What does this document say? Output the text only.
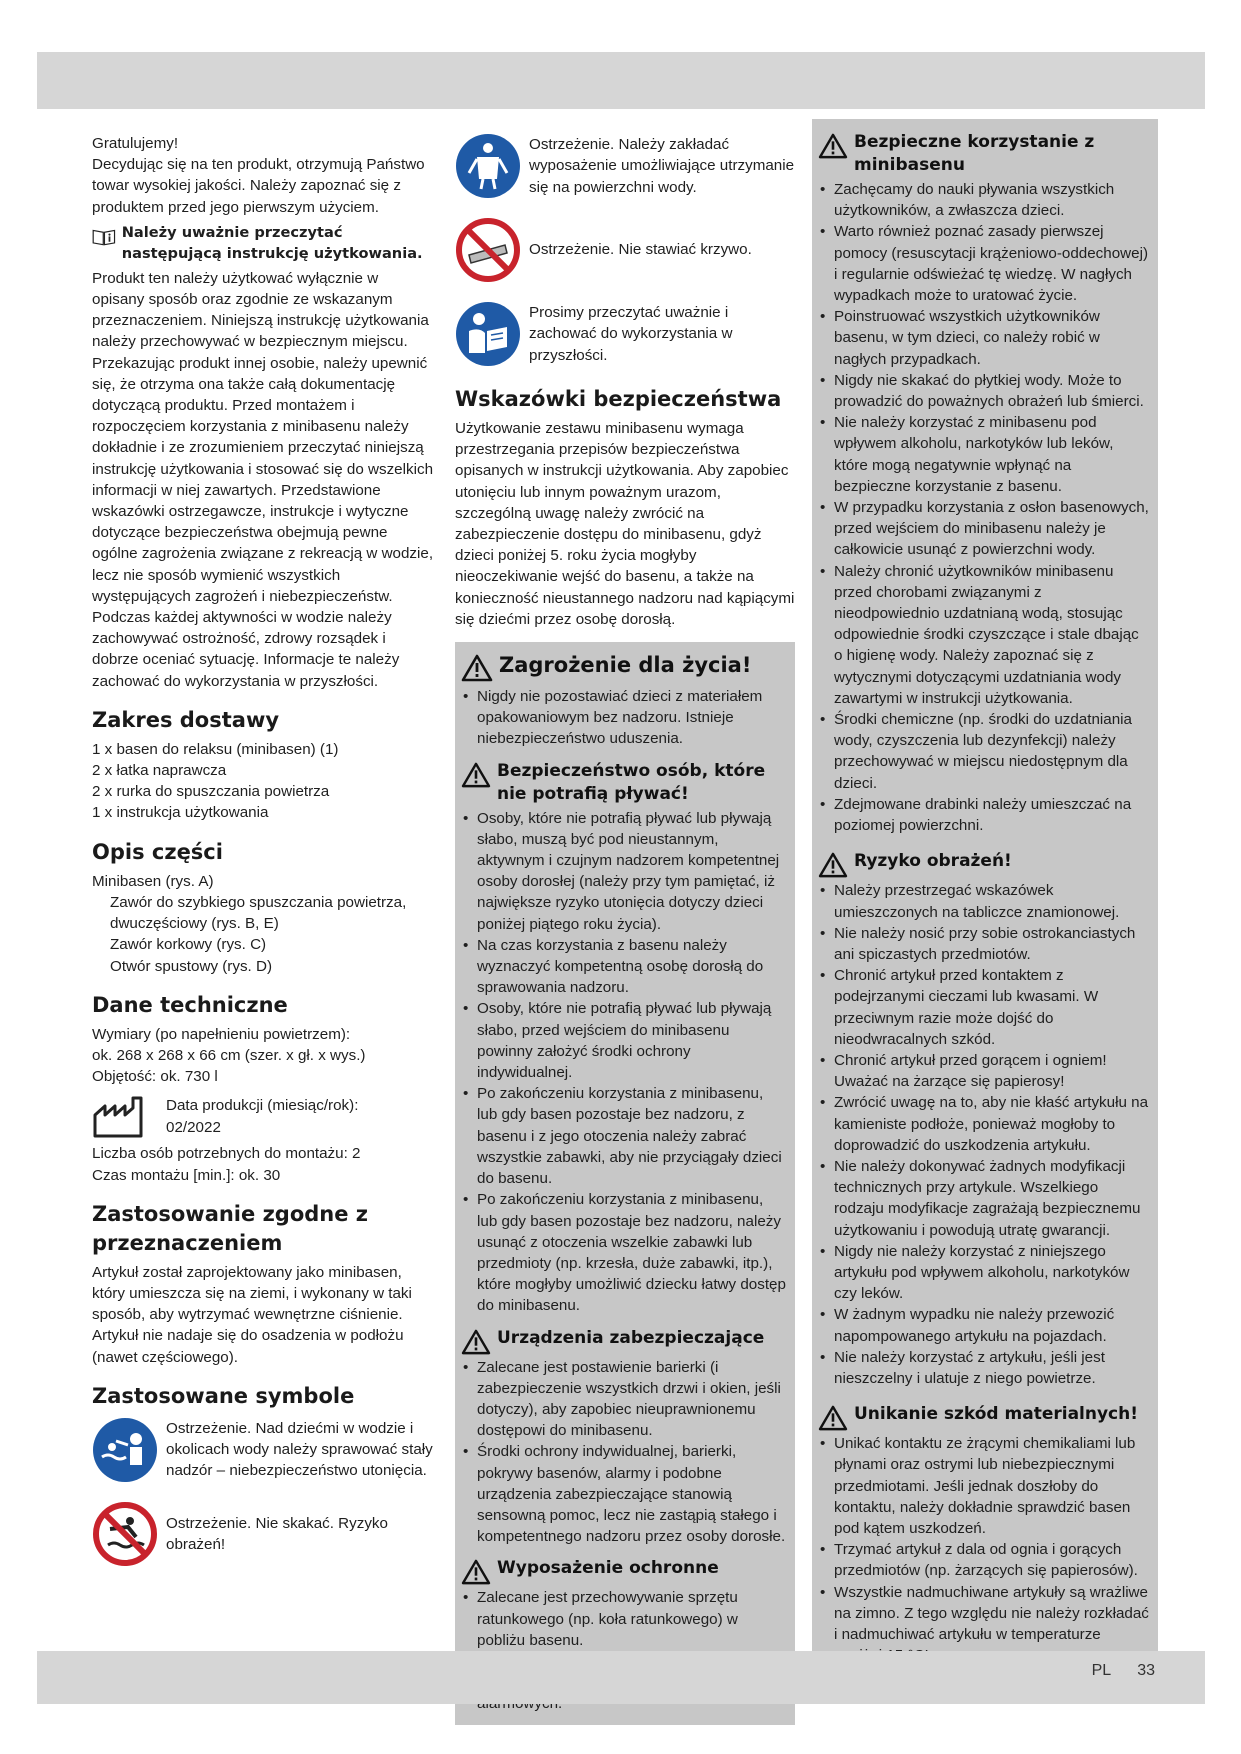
Gratulujemy!

Decydując się na ten produkt, otrzymują Państwo towar wysokiej jakości. Należy zapoznać się z produktem przed jego pierwszym użyciem.

Należy uważnie przeczytać następującą instrukcję użytkowania.

Produkt ten należy użytkować wyłącznie w opisany sposób oraz zgodnie ze wskazanym przeznaczeniem. Niniejszą instrukcję użytkowania należy przechowywać w bezpiecznym miejscu. Przekazując produkt innej osobie, należy upewnić się, że otrzyma ona także całą dokumentację dotyczącą produktu. Przed montażem i rozpoczęciem korzystania z minibasenu należy dokładnie i ze zrozumieniem przeczytać niniejszą instrukcję użytkowania i stosować się do wszelkich informacji w niej zawartych. Przedstawione wskazówki ostrzegawcze, instrukcje i wytyczne dotyczące bezpieczeństwa obejmują pewne ogólne zagrożenia związane z rekreacją w wodzie, lecz nie sposób wymienić wszystkich występujących zagrożeń i niebezpieczeństw. Podczas każdej aktywności w wodzie należy zachowywać ostrożność, zdrowy rozsądek i dobrze oceniać sytuację. Informacje te należy zachować do wykorzystania w przyszłości.

Zakres dostawy

1 x basen do relaksu (minibasen) (1)

2 x łatka naprawcza

2 x rurka do spuszczania powietrza

1 x instrukcja użytkowania

Opis części

Minibasen (rys. A)

Zawór do szybkiego spuszczania powietrza, dwuczęściowy (rys. B, E)

Zawór korkowy (rys. C)

Otwór spustowy (rys. D)

Dane techniczne

Wymiary (po napełnieniu powietrzem):

ok. 268 x 268 x 66 cm (szer. x gł. x wys.)

Objętość: ok. 730 l

Data produkcji (miesiąc/rok):

02/2022

Liczba osób potrzebnych do montażu: 2

Czas montażu [min.]: ok. 30

Zastosowanie zgodne z przeznaczeniem

Artykuł został zaprojektowany jako minibasen, który umieszcza się na ziemi, i wykonany w taki sposób, aby wytrzymać wewnętrzne ciśnienie. Artykuł nie nadaje się do osadzenia w podłożu (nawet częściowego).

Zastosowane symbole

Ostrzeżenie. Nad dziećmi w wodzie i okolicach wody należy sprawować stały nadzór – niebezpieczeństwo utonięcia.

Ostrzeżenie. Nie skakać. Ryzyko obrażeń!

Ostrzeżenie. Należy zakładać wyposażenie umożliwiające utrzymanie się na powierzchni wody.

Ostrzeżenie. Nie stawiać krzywo.

Prosimy przeczytać uważnie i zachować do wykorzystania w przyszłości.

Wskazówki bezpieczeństwa

Użytkowanie zestawu minibasenu wymaga przestrzegania przepisów bezpieczeństwa opisanych w instrukcji użytkowania. Aby zapobiec utonięciu lub innym poważnym urazom, szczególną uwagę należy zwrócić na zabezpieczenie dostępu do minibasenu, gdyż dzieci poniżej 5. roku życia mogłyby nieoczekiwanie wejść do basenu, a także na konieczność nieustannego nadzoru nad kąpiącymi się dziećmi przez osobę dorosłą.

Zagrożenie dla życia!
• Nigdy nie pozostawiać dzieci z materiałem opakowaniowym bez nadzoru. Istnieje niebezpieczeństwo uduszenia.
Bezpieczeństwo osób, które nie potrafią pływać!
• Osoby, które nie potrafią pływać lub pływają słabo, muszą być pod nieustannym, aktywnym i czujnym nadzorem kompetentnej osoby dorosłej (należy przy tym pamiętać, iż największe ryzyko utonięcia dotyczy dzieci poniżej piątego roku życia).
• Na czas korzystania z basenu należy wyznaczyć kompetentną osobę dorosłą do sprawowania nadzoru.
• Osoby, które nie potrafią pływać lub pływają słabo, przed wejściem do minibasenu powinny założyć środki ochrony indywidualnej.
• Po zakończeniu korzystania z minibasenu, lub gdy basen pozostaje bez nadzoru, z basenu i z jego otoczenia należy zabrać wszystkie zabawki, aby nie przyciągały dzieci do basenu.
• Po zakończeniu korzystania z minibasenu, lub gdy basen pozostaje bez nadzoru, należy usunąć z otoczenia wszelkie zabawki lub przedmioty (np. krzesła, duże zabawki, itp.), które mogłyby umożliwić dziecku łatwy dostęp do minibasenu.
Urządzenia zabezpieczające
• Zalecane jest postawienie barierki (i zabezpieczenie wszystkich drzwi i okien, jeśli dotyczy), aby zapobiec nieuprawnionemu dostępowi do minibasenu.
• Środki ochrony indywidualnej, barierki, pokrywy basenów, alarmy i podobne urządzenia zabezpieczające stanowią sensowną pomoc, lecz nie zastąpią stałego i kompetentnego nadzoru przez osoby dorosłe.
Wyposażenie ochronne
• Zalecane jest przechowywanie sprzętu ratunkowego (np. koła ratunkowego) w pobliżu basenu.
•
Bezpieczne korzystanie z minibasenu
• Zachęcamy do nauki pływania wszystkich użytkowników, a zwłaszcza dzieci.
• Warto również poznać zasady pierwszej pomocy (resuscytacji krążeniowo-oddechowej) i regularnie odświeżać tę wiedzę. W nagłych wypadkach może to uratować życie.
• Poinstruować wszystkich użytkowników basenu, w tym dzieci, co należy robić w nagłych przypadkach.
• Nigdy nie skakać do płytkiej wody. Może to prowadzić do poważnych obrażeń lub śmierci.
• Nie należy korzystać z minibasenu pod wpływem alkoholu, narkotyków lub leków, które mogą negatywnie wpłynąć na bezpieczne korzystanie z basenu.
• W przypadku korzystania z osłon basenowych, przed wejściem do minibasenu należy je całkowicie usunąć z powierzchni wody.
• Należy chronić użytkowników minibasenu przed chorobami związanymi z nieodpowiednio uzdatnianą wodą, stosując odpowiednie środki czyszczące i stale dbając o higienę wody. Należy zapoznać się z wytycznymi dotyczącymi uzdatniania wody zawartymi w instrukcji użytkowania.
• Środki chemiczne (np. środki do uzdatniania wody, czyszczenia lub dezynfekcji) należy przechowywać w miejscu niedostępnym dla dzieci.
• Zdejmowane drabinki należy umieszczać na poziomej powierzchni.
Ryzyko obrażeń!
• Należy przestrzegać wskazówek umieszczonych na tabliczce znamionowej.
• Nie należy nosić przy sobie ostrokanciastych ani spiczastych przedmiotów.
• Chronić artykuł przed kontaktem z podejrzanymi cieczami lub kwasami. W przeciwnym razie może dojść do nieodwracalnych szkód.
• Chronić artykuł przed gorącem i ogniem! Uważać na żarzące się papierosy!
• Zwrócić uwagę na to, aby nie kłaść artykułu na kamieniste podłoże, ponieważ mogłoby to doprowadzić do uszkodzenia artykułu.
• Nie należy dokonywać żadnych modyfikacji technicznych przy artykule. Wszelkiego rodzaju modyfikacje zagrażają bezpiecznemu użytkowaniu i powodują utratę gwarancji.
• Nigdy nie należy korzystać z niniejszego artykułu pod wpływem alkoholu, narkotyków czy leków.
• W żadnym wypadku nie należy przewozić napompowanego artykułu na pojazdach.
• Nie należy korzystać z artykułu, jeśli jest nieszczelny i ulatuje z niego powietrze.
Unikanie szkód materialnych!
• Unikać kontaktu ze żrącymi chemikaliami lub płynami oraz ostrymi lub niebezpiecznymi przedmiotami. Jeśli jednak doszłoby do kontaktu, należy dokładnie sprawdzić basen pod kątem uszkodzeń.
• Trzymać artykuł z dala od ognia i gorących przedmiotów (np. żarzących się papierosów).
• Wszystkie nadmuchiwane artykuły są wrażliwe na zimno. Z tego względu nie należy rozkładać i nadmuchiwać artykułu w temperaturze
PL 33
